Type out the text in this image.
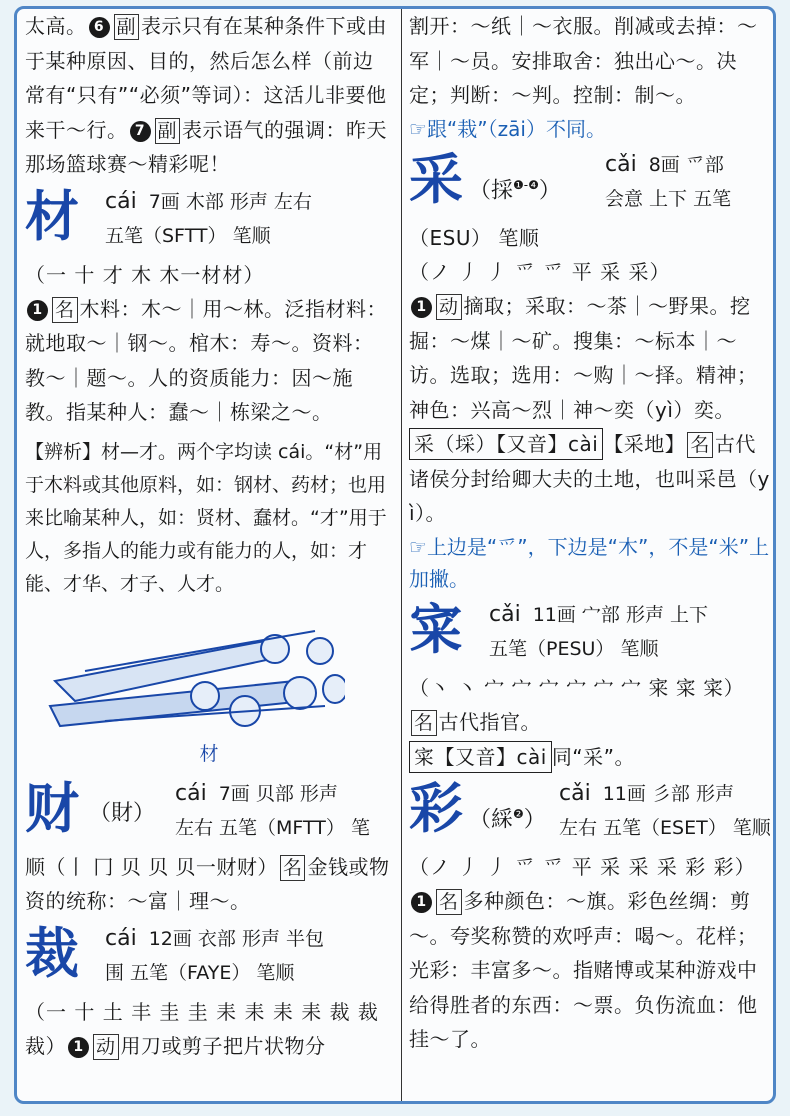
太高。 6 副 表示只有在某种条件下或由于某种原因、目的，然后怎么样（前边常有“只有”“必须”等词）：这活儿非要他来干～行。 7 副 表示语气的强调：昨天那场篮球赛～精彩呢！

材 cái 7画 木部 形声 左右
五笔（SFTT） 笔顺

（一 十 才 木 木一材材）

1 名 木料：木～｜用～林。泛指材料：就地取～｜钢～。棺木：寿～。资料：教～｜题～。人的资质能力：因～施教。指某种人：蠢～｜栋梁之～。

【辨析】材—才。两个字均读 cái。“材”用于木料或其他原料，如：钢材、药材；也用来比喻某种人，如：贤材、蠢材。“才”用于人，多指人的能力或有能力的人，如：才能、才华、才子、人才。

材
财 （財）
cái 7画 贝部 形声
左右 五笔（MFTT） 笔

顺（丨 冂 贝 贝 贝一财财） 名 金钱或物资的统称：～富｜理～。

裁 cái 12画 衣部 形声 半包
围 五笔（FAYE） 笔顺

（一 十 土 丰 圭 圭 耒 耒 耒 耒 裁 裁

裁） 1 动 用刀或剪子把片状物分

割开：～纸｜～衣服。削减或去掉：～军｜～员。安排取舍：独出心～。决定；判断：～判。控制：制～。

☞跟“栽”（zāi）不同。

采 （採$^{❶-❹}$）
cǎi 8画 爫部
会意 上下 五笔

（ESU） 笔顺

（ノ 丿 丿 爫 爫 平 采 采）

1 动 摘取；采取：～茶｜～野果。挖掘：～煤｜～矿。搜集：～标本｜～访。选取；选用：～购｜～择。精神；神色：兴高～烈｜神～奕（yì）奕。

采（埰）【又音】cài 【采地】 名 古代诸侯分封给卿大夫的土地，也叫采邑（yì）。

☞上边是“爫”，下边是“木”，不是“米”上加撇。

寀 cǎi 11画 宀部 形声 上下
五笔（PESU） 笔顺

（丶 丶 宀 宀 宀 宀 宀 宀 宷 寀 寀）名 古代指官。

寀【又音】cài 同“采”。

彩 （綵$^❷$）
cǎi 11画 彡部 形声
左右 五笔（ESET） 笔顺

（ノ 丿 丿 爫 爫 平 采 采 采 彩 彩）

1 名 多种颜色：～旗。彩色丝绸：剪～。夸奖称赞的欢呼声：喝～。花样；光彩：丰富多～。指赌博或某种游戏中给得胜者的东西：～票。负伤流血：他挂～了。
